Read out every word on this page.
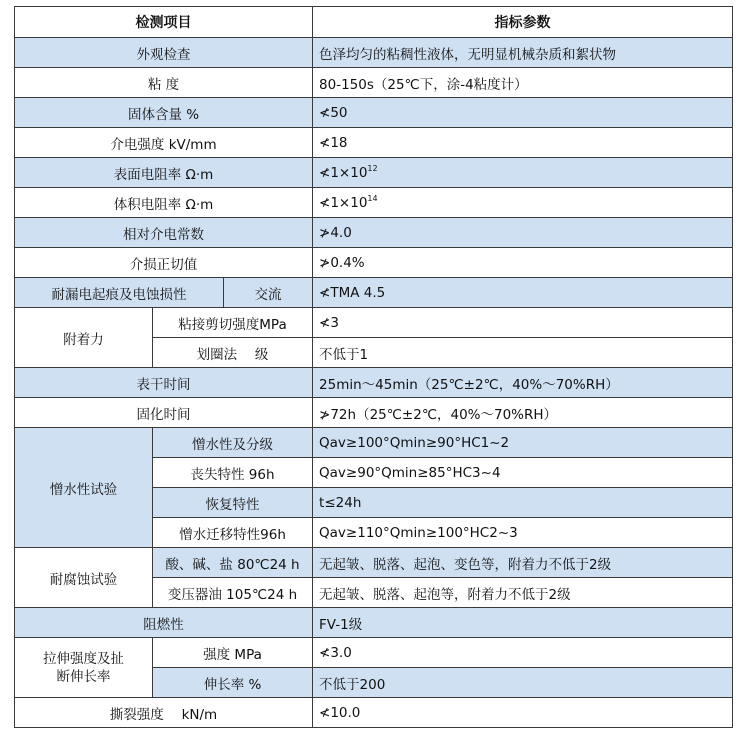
检测项目			指标参数
外观检查			色泽均匀的粘稠性液体，无明显机械杂质和絮状物
粘 度			80-150s（25℃下，涂-4粘度计）
固体含量 %			≮50
介电强度 kV/mm			≮18
表面电阻率 Ω·m			$≮1\times 10^{12}$
体积电阻率 Ω·m			$≮1\times 10^{14}$
相对介电常数			≯4.0
介损正切值			≯0.4%
耐漏电起痕及电蚀损性		交流	≮TMA 4.5
附着力	粘接剪切强度MPa		≮3
	划圈法　 级		不低于1
表干时间			25min～45min（25℃±2℃，40%～70%RH）
固化时间			≯72h（25℃±2℃，40%～70%RH）
憎水性试验	憎水性及分级		Qav≥100°Qmin≥90°HC1~2
	丧失特性 96h		Qav≥90°Qmin≥85°HC3~4
	恢复特性		t≤24h
	憎水迁移特性96h		Qav≥110°Qmin≥100°HC2~3
耐腐蚀试验	酸、碱、盐 80℃24 h		无起皱、脱落、起泡、变色等，附着力不低于2级
	变压器油 105℃24 h		无起皱、脱落、起泡等，附着力不低于2级
阻燃性			FV-1级

拉伸强度及扯断伸长率	强度 MPa		≮3.0
	伸长率 %		不低于200
撕裂强度　 kN/m			≮10.0
